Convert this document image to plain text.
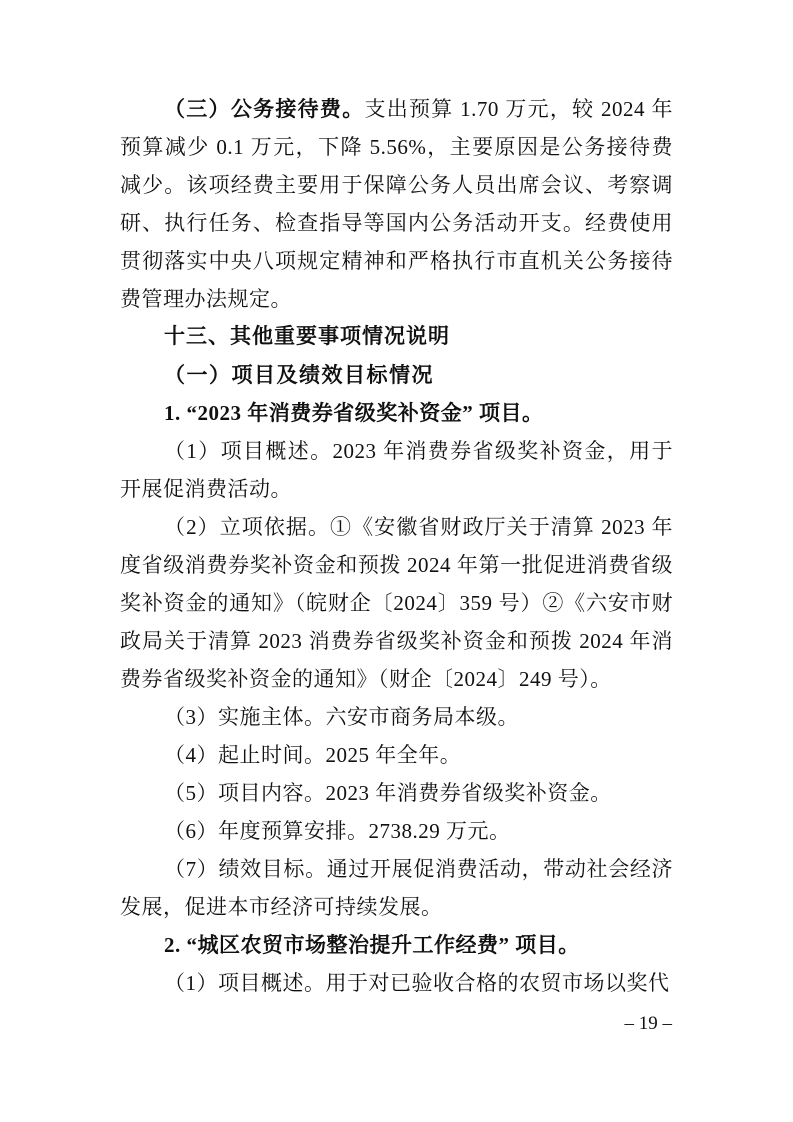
（三）公务接待费。支出预算 1.70 万元，较 2024 年预算减少 0.1 万元，下降 5.56%，主要原因是公务接待费减少。该项经费主要用于保障公务人员出席会议、考察调研、执行任务、检查指导等国内公务活动开支。经费使用贯彻落实中央八项规定精神和严格执行市直机关公务接待费管理办法规定。

十三、其他重要事项情况说明

（一）项目及绩效目标情况

1. “2023 年消费券省级奖补资金” 项目。

（1）项目概述。2023 年消费券省级奖补资金，用于开展促消费活动。

（2）立项依据。①《安徽省财政厅关于清算 2023 年度省级消费券奖补资金和预拨 2024 年第一批促进消费省级奖补资金的通知》（皖财企〔2024〕359 号）②《六安市财政局关于清算 2023 消费券省级奖补资金和预拨 2024 年消费券省级奖补资金的通知》（财企〔2024〕249 号）。

（3）实施主体。六安市商务局本级。

（4）起止时间。2025 年全年。

（5）项目内容。2023 年消费券省级奖补资金。

（6）年度预算安排。2738.29 万元。

（7）绩效目标。通过开展促消费活动，带动社会经济发展，促进本市经济可持续发展。

2. “城区农贸市场整治提升工作经费” 项目。

（1）项目概述。用于对已验收合格的农贸市场以奖代

– 19 –
